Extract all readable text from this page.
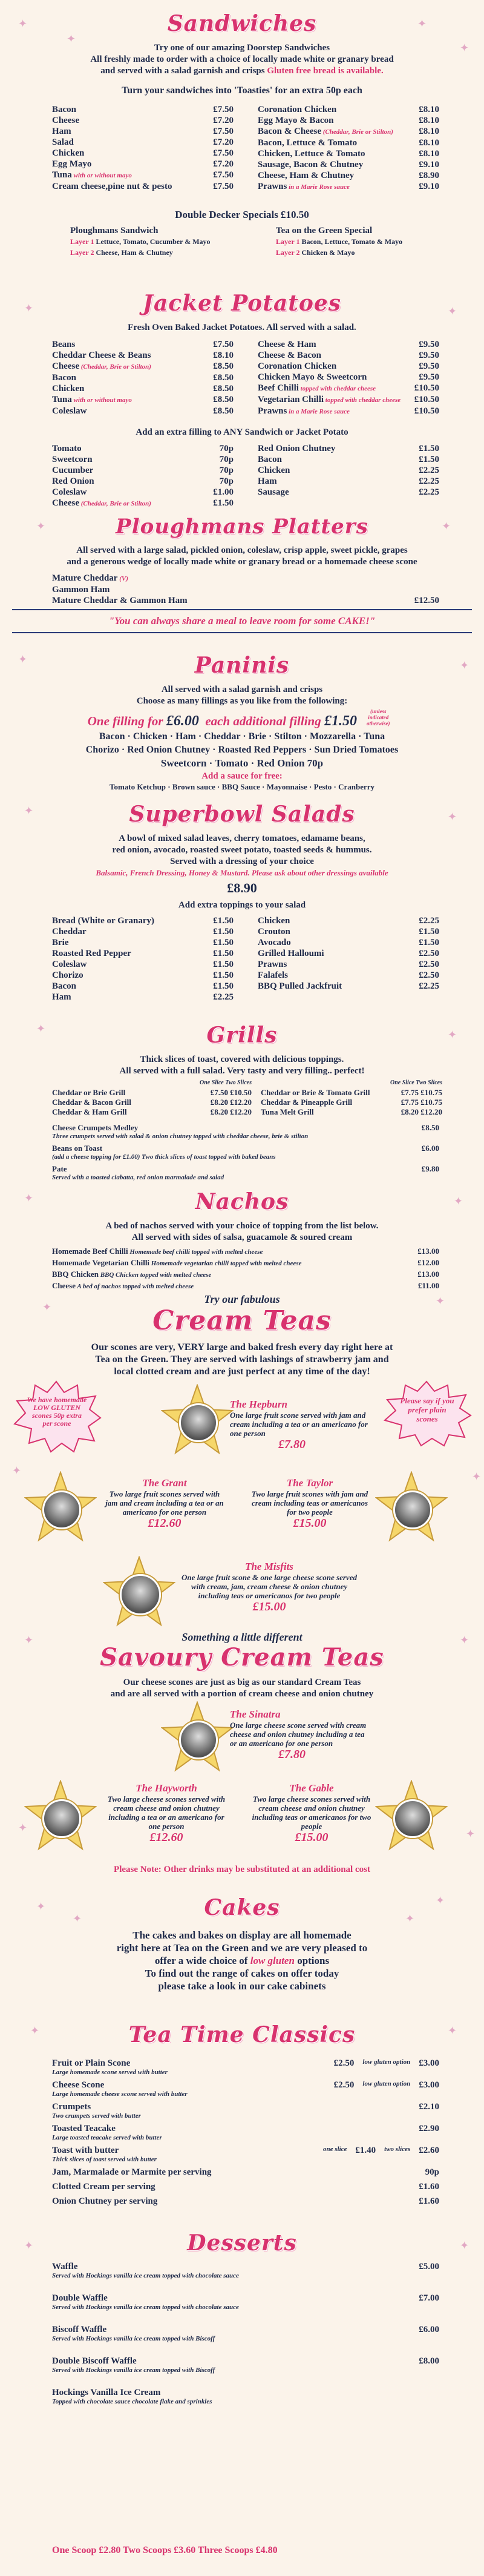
Sandwiches
Try one of our amazing Doorstep Sandwiches
All freshly made to order with a choice of locally made white or granary bread
and served with a salad garnish and crisps Gluten free bread is available.
Turn your sandwiches into 'Toasties' for an extra 50p each
Bacon	£7.50
Cheese	£7.20
Ham	£7.50
Salad	£7.20
Chicken	£7.50
Egg Mayo	£7.20
Tuna with or without mayo	£7.50
Cream cheese,pine nut & pesto	£7.50
Coronation Chicken	£8.10
Egg Mayo & Bacon	£8.10
Bacon & Cheese (Cheddar, Brie or Stilton)	£8.10
Bacon, Lettuce & Tomato	£8.10
Chicken, Lettuce & Tomato	£8.10
Sausage, Bacon & Chutney	£9.10
Cheese, Ham & Chutney	£8.90
Prawns in a Marie Rose sauce	£9.10
Double Decker Specials £10.50
Ploughmans Sandwich
Layer 1 Lettuce, Tomato, Cucumber & Mayo
Layer 2 Cheese, Ham & Chutney
Tea on the Green Special
Layer 1 Bacon, Lettuce, Tomato & Mayo
Layer 2 Chicken & Mayo
Jacket Potatoes
Fresh Oven Baked Jacket Potatoes. All served with a salad.
Beans	£7.50
Cheddar Cheese & Beans	£8.10
Cheese (Cheddar, Brie or Stilton)	£8.50
Bacon	£8.50
Chicken	£8.50
Tuna with or without mayo	£8.50
Coleslaw	£8.50
Cheese & Ham	£9.50
Cheese & Bacon	£9.50
Coronation Chicken	£9.50
Chicken Mayo & Sweetcorn	£9.50
Beef Chilli topped with cheddar cheese	£10.50
Vegetarian Chilli topped with cheddar cheese £10.50
Prawns in a Marie Rose sauce	£10.50
Add an extra filling to ANY Sandwich or Jacket Potato
Tomato	70p
Sweetcorn	70p
Cucumber	70p
Red Onion	70p
Coleslaw	£1.00
Cheese (Cheddar, Brie or Stilton)	£1.50
Red Onion Chutney	£1.50
Bacon	£1.50
Chicken	£2.25
Ham	£2.25
Sausage	£2.25
Ploughmans Platters
All served with a large salad, pickled onion, coleslaw, crisp apple, sweet pickle, grapes
and a generous wedge of locally made white or granary bread or a homemade cheese scone
Mature Cheddar (V)
Gammon Ham
Mature Cheddar & Gammon Ham	£12.50
"You can always share a meal to leave room for some CAKE!"
Paninis
All served with a salad garnish and crisps
Choose as many fillings as you like from the following:
One filling for £6.00 each additional filling £1.50 (unless indicated otherwise)
Bacon · Chicken · Ham · Cheddar · Brie · Stilton · Mozzarella · Tuna
Chorizo · Red Onion Chutney · Roasted Red Peppers · Sun Dried Tomatoes
Sweetcorn · Tomato · Red Onion 70p
Add a sauce for free:
Tomato Ketchup · Brown sauce · BBQ Sauce · Mayonnaise · Pesto · Cranberry
Superbowl Salads
A bowl of mixed salad leaves, cherry tomatoes, edamame beans,
red onion, avocado, roasted sweet potato, toasted seeds & hummus.
Served with a dressing of your choice
Balsamic, French Dressing, Honey & Mustard. Please ask about other dressings available
£8.90
Add extra toppings to your salad
Bread (White or Granary)	£1.50
Cheddar	£1.50
Brie	£1.50
Roasted Red Pepper	£1.50
Coleslaw	£1.50
Chorizo	£1.50
Bacon	£1.50
Ham	£2.25
Chicken	£2.25
Crouton	£1.50
Avocado	£1.50
Grilled Halloumi	£2.50
Prawns	£2.50
Falafels	£2.50
BBQ Pulled Jackfruit	£2.25
Grills
Thick slices of toast, covered with delicious toppings.
All served with a full salad. Very tasty and very filling.. perfect!
One Slice Two Slices
Cheddar or Brie Grill	£7.50 £10.50
Cheddar & Bacon Grill	£8.20 £12.20
Cheddar & Ham Grill	£8.20 £12.20
One Slice Two Slices
Cheddar or Brie & Tomato Grill	£7.75 £10.75
Cheddar & Pineapple Grill	£7.75 £10.75
Tuna Melt Grill	£8.20 £12.20
Cheese Crumpets Medley	£8.50
Three crumpets served with salad & onion chutney topped with cheddar cheese, brie & stilton
Beans on Toast	£6.00
(add a cheese topping for £1.00) Two thick slices of toast topped with baked beans
Pate	£9.80
Served with a toasted ciabatta, red onion marmalade and salad
Nachos
A bed of nachos served with your choice of topping from the list below.
All served with sides of salsa, guacamole & soured cream
Homemade Beef Chilli Homemade beef chilli topped with melted cheese	£13.00
Homemade Vegetarian Chilli Homemade vegetarian chilli topped with melted cheese	£12.00
BBQ Chicken BBQ Chicken topped with melted cheese	£13.00
Cheese A bed of nachos topped with melted cheese	£11.00
Try our fabulous
Cream Teas
Our scones are very, VERY large and baked fresh every day right here at
Tea on the Green. They are served with lashings of strawberry jam and
local clotted cream and are just perfect at any time of the day!
We have homemade LOW GLUTEN scones 50p extra per scone
Please say if you prefer plain scones
The Hepburn
One large fruit scone served with jam and cream including a tea or an americano for one person
£7.80
The Grant
Two large fruit scones served with jam and cream including a tea or an americano for one person
£12.60
The Taylor
Two large fruit scones with jam and cream including teas or americanos for two people
£15.00
The Misfits
One large fruit scone & one large cheese scone served with cream, jam, cream cheese & onion chutney including teas or americanos for two people
£15.00
Something a little different
Savoury Cream Teas
Our cheese scones are just as big as our standard Cream Teas
and are all served with a portion of cream cheese and onion chutney
The Sinatra
One large cheese scone served with cream cheese and onion chutney including a tea or an americano for one person
£7.80
The Hayworth
Two large cheese scones served with cream cheese and onion chutney including a tea or an americano for one person
£12.60
The Gable
Two large cheese scones served with cream cheese and onion chutney including teas or americanos for two people
£15.00
Please Note: Other drinks may be substituted at an additional cost
Cakes
The cakes and bakes on display are all homemade
right here at Tea on the Green and we are very pleased to
offer a wide choice of low gluten options
To find out the range of cakes on offer today
please take a look in our cake cabinets
Tea Time Classics
Fruit or Plain Scone	£2.50 low gluten option £3.00
Large homemade scone served with butter
Cheese Scone	£2.50 low gluten option £3.00
Large homemade cheese scone served with butter
Crumpets	£2.10
Two crumpets served with butter
Toasted Teacake	£2.90
Large toasted teacake served with butter
Toast with butter	one slice £1.40 two slices £2.60
Thick slices of toast served with butter
Jam, Marmalade or Marmite per serving	90p
Clotted Cream per serving	£1.60
Onion Chutney per serving	£1.60
Desserts
Waffle	£5.00
Served with Hockings vanilla ice cream topped with chocolate sauce
Double Waffle	£7.00
Served with Hockings vanilla ice cream topped with chocolate sauce
Biscoff Waffle	£6.00
Served with Hockings vanilla ice cream topped with Biscoff
Double Biscoff Waffle	£8.00
Served with Hockings vanilla ice cream topped with Biscoff
Hockings Vanilla Ice Cream
Topped with chocolate sauce chocolate flake and sprinkles
One Scoop £2.80 Two Scoops £3.60 Three Scoops £4.80
✦
✦
✦
✦
✦	✦
✦	✦
✦	✦
✦	✦
✦	✦
✦	✦
✦	✦
✦	✦
✦	✦
✦	✦
✦	✦
✦	✦
✦	✦
✦	✦
